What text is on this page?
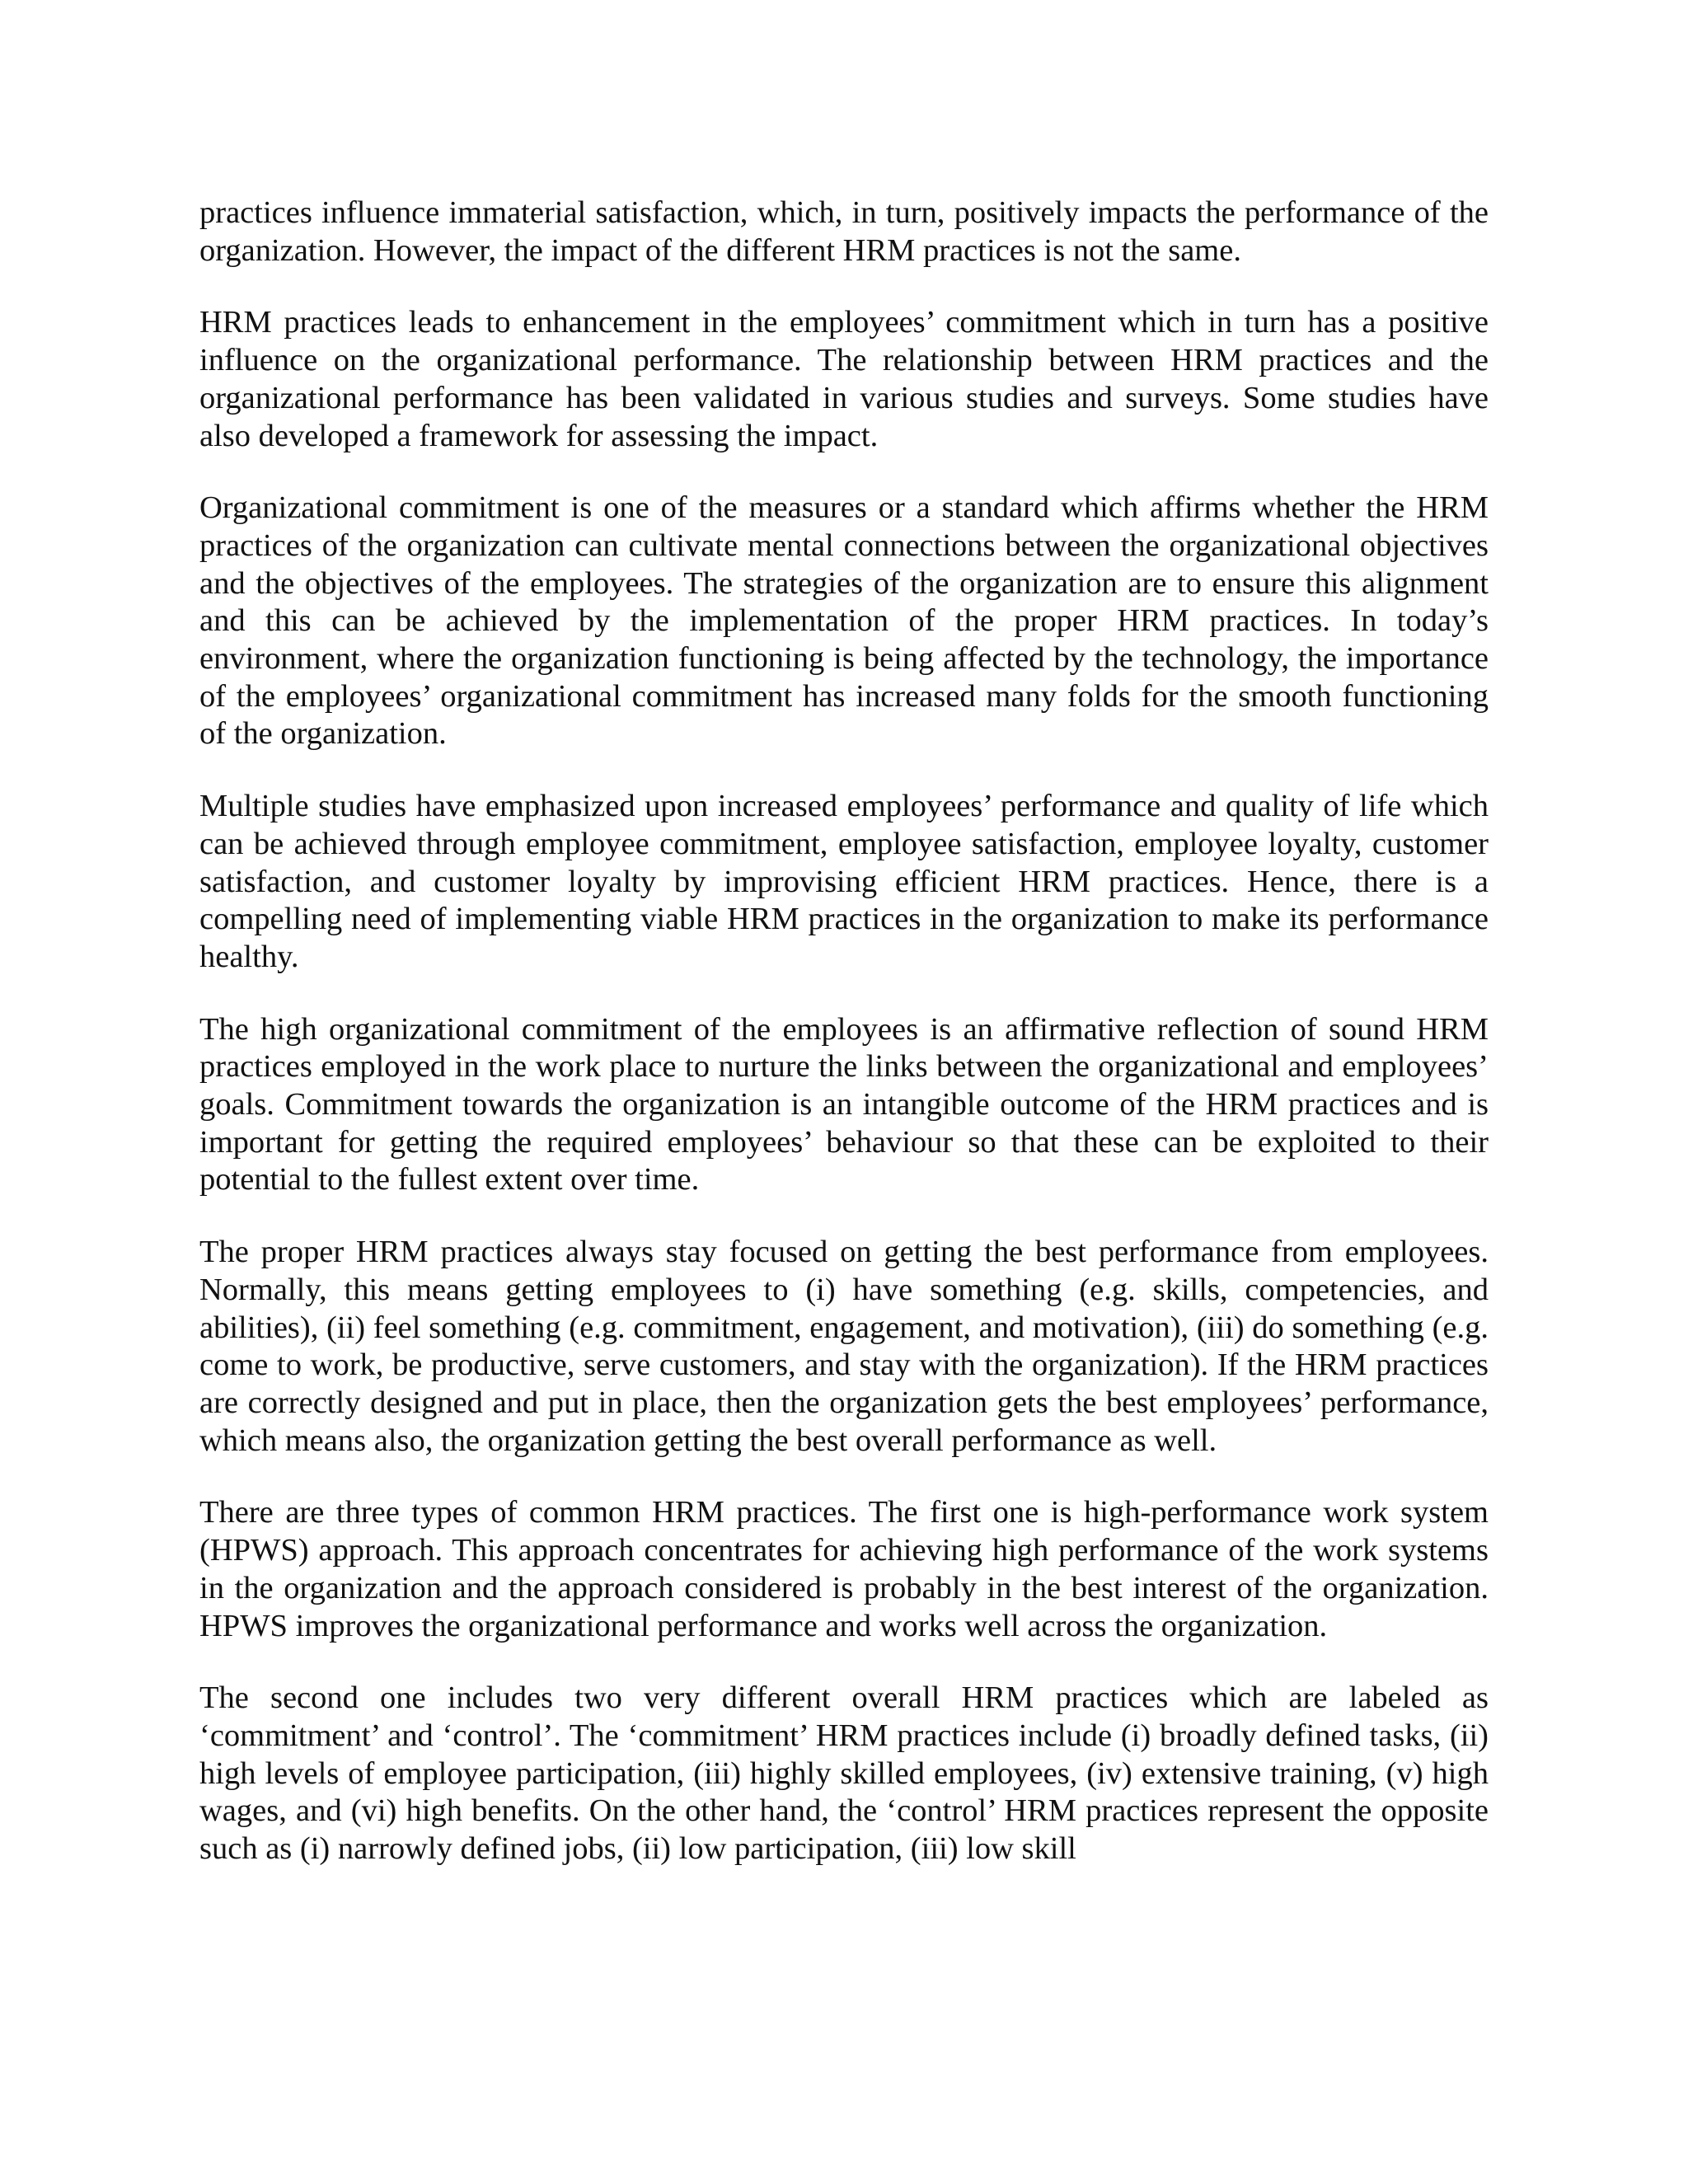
practices influence immaterial satisfaction, which, in turn, positively impacts the performance of the organization. However, the impact of the different HRM practices is not the same.

HRM practices leads to enhancement in the employees’ commitment which in turn has a positive influence on the organizational performance. The relationship between HRM practices and the organizational performance has been validated in various studies and surveys. Some studies have also developed a framework for assessing the impact.

Organizational commitment is one of the measures or a standard which affirms whether the HRM practices of the organization can cultivate mental connections between the organizational objectives and the objectives of the employees. The strategies of the organization are to ensure this alignment and this can be achieved by the implementation of the proper HRM practices. In today’s environment, where the organization functioning is being affected by the technology, the importance of the employees’ organizational commitment has increased many folds for the smooth functioning of the organization.

Multiple studies have emphasized upon increased employees’ performance and quality of life which can be achieved through employee commitment, employee satisfaction, employee loyalty, customer satisfaction, and customer loyalty by improvising efficient HRM practices. Hence, there is a compelling need of implementing viable HRM practices in the organization to make its performance healthy.

The high organizational commitment of the employees is an affirmative reflection of sound HRM practices employed in the work place to nurture the links between the organizational and employees’ goals. Commitment towards the organization is an intangible outcome of the HRM practices and is important for getting the required employees’ behaviour so that these can be exploited to their potential to the fullest extent over time.

The proper HRM practices always stay focused on getting the best performance from employees. Normally, this means getting employees to (i) have something (e.g. skills, competencies, and abilities), (ii) feel something (e.g. commitment, engagement, and motivation), (iii) do something (e.g. come to work, be productive, serve customers, and stay with the organization). If the HRM practices are correctly designed and put in place, then the organization gets the best employees’ performance, which means also, the organization getting the best overall performance as well.

There are three types of common HRM practices. The first one is high-performance work system (HPWS) approach. This approach concentrates for achieving high performance of the work systems in the organization and the approach considered is probably in the best interest of the organization. HPWS improves the organizational performance and works well across the organization.

The second one includes two very different overall HRM practices which are labeled as ‘commitment’ and ‘control’. The ‘commitment’ HRM practices include (i) broadly defined tasks, (ii) high levels of employee participation, (iii) highly skilled employees, (iv) extensive training, (v) high wages, and (vi) high benefits. On the other hand, the ‘control’ HRM practices represent the opposite such as (i) narrowly defined jobs, (ii) low participation, (iii) low skill
